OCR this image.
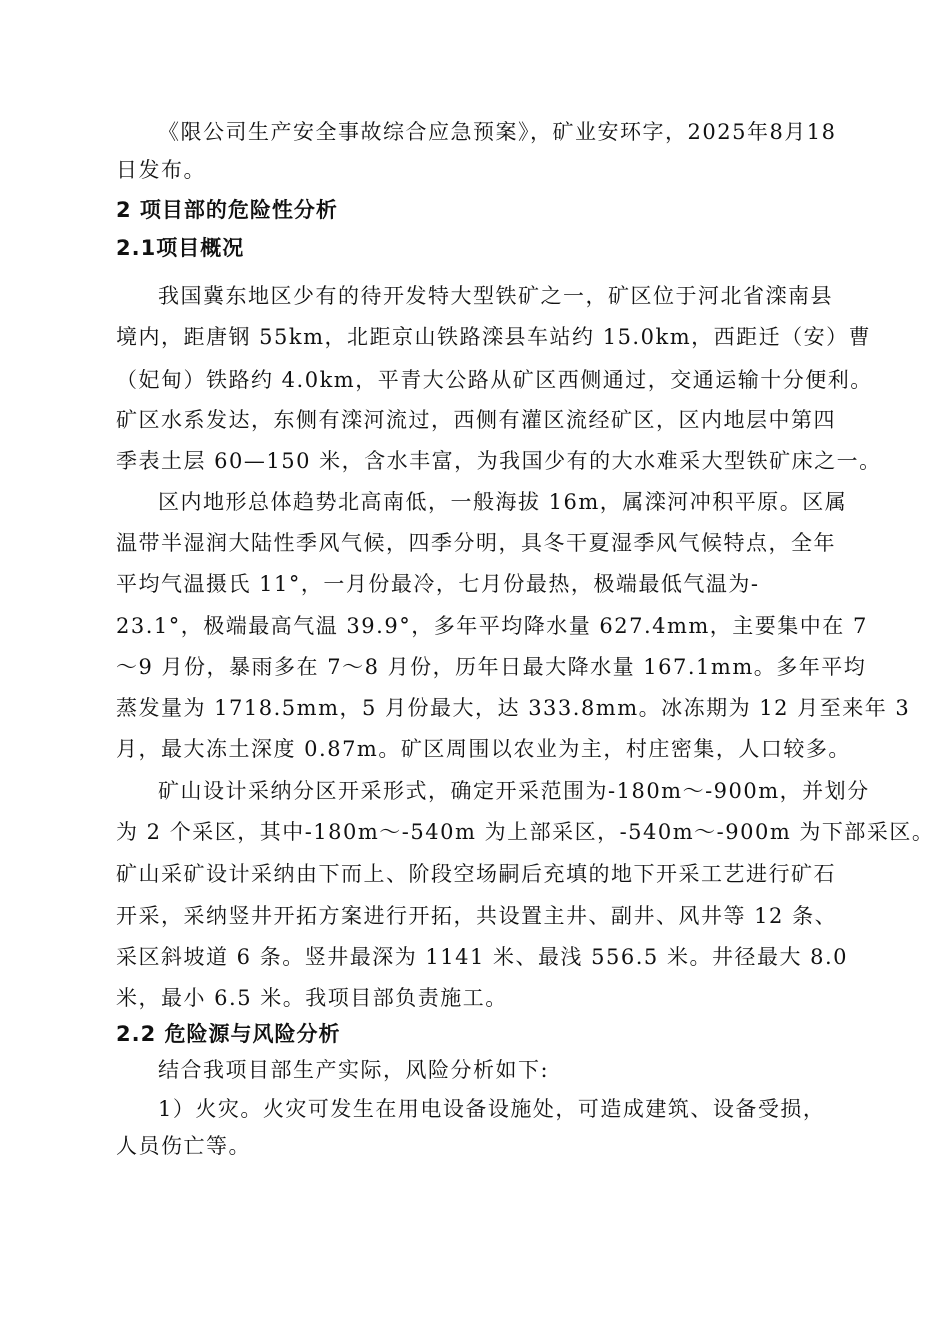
《限公司生产安全事故综合应急预案》，矿业安环字，2025年8月18
日发布。
2 项目部的危险性分析
2.1项目概况
我国冀东地区少有的待开发特大型铁矿之一，矿区位于河北省滦南县
境内，距唐钢 55km，北距京山铁路滦县车站约 15.0km，西距迁（安）曹
（妃甸）铁路约 4.0km，平青大公路从矿区西侧通过，交通运输十分便利。
矿区水系发达，东侧有滦河流过，西侧有灌区流经矿区，区内地层中第四
季表土层 60—150 米，含水丰富，为我国少有的大水难采大型铁矿床之一。
区内地形总体趋势北高南低，一般海拔 16m，属滦河冲积平原。区属
温带半湿润大陆性季风气候，四季分明，具冬干夏湿季风气候特点，全年
平均气温摄氏 11°，一月份最冷，七月份最热，极端最低气温为-
23.1°，极端最高气温 39.9°，多年平均降水量 627.4mm，主要集中在 7
～9 月份，暴雨多在 7～8 月份，历年日最大降水量 167.1mm。多年平均
蒸发量为 1718.5mm，5 月份最大，达 333.8mm。冰冻期为 12 月至来年 3
月，最大冻土深度 0.87m。矿区周围以农业为主，村庄密集，人口较多。
矿山设计采纳分区开采形式，确定开采范围为-180m～-900m，并划分
为 2 个采区，其中-180m～-540m 为上部采区，-540m～-900m 为下部采区。
矿山采矿设计采纳由下而上、阶段空场嗣后充填的地下开采工艺进行矿石
开采，采纳竖井开拓方案进行开拓，共设置主井、副井、风井等 12 条、
采区斜坡道 6 条。竖井最深为 1141 米、最浅 556.5 米。井径最大 8.0
米，最小 6.5 米。我项目部负责施工。
2.2 危险源与风险分析
结合我项目部生产实际，风险分析如下:
1）火灾。火灾可发生在用电设备设施处，可造成建筑、设备受损，
人员伤亡等。
